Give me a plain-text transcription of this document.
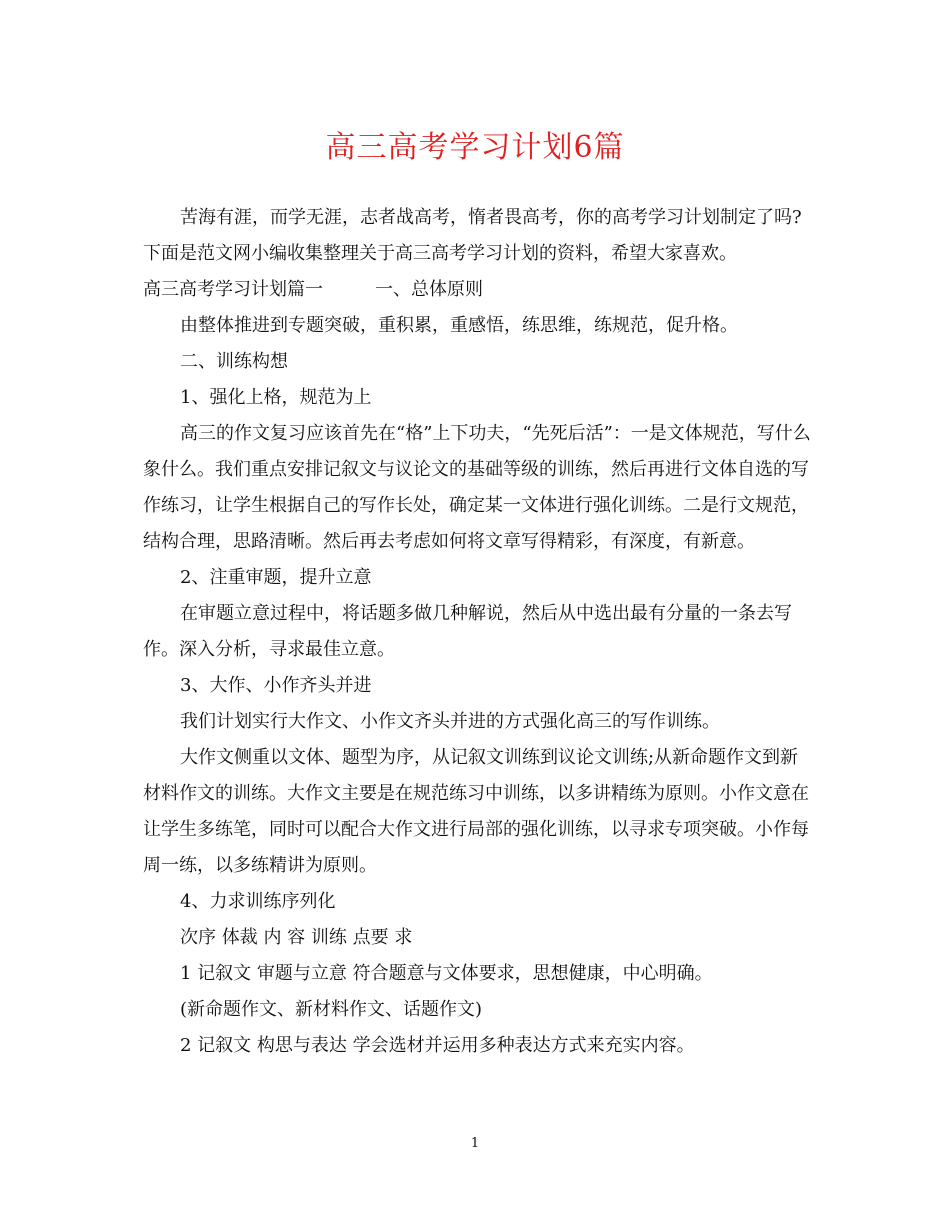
高三高考学习计划6篇

苦海有涯，而学无涯，志者战高考，惰者畏高考，你的高考学习计划制定了吗?下面是范文网小编收集整理关于高三高考学习计划的资料，希望大家喜欢。

高三高考学习计划篇一	一、总体原则

由整体推进到专题突破，重积累，重感悟，练思维，练规范，促升格。

二、训练构想

1、强化上格，规范为上

高三的作文复习应该首先在“格”上下功夫，“先死后活”：一是文体规范，写什么象什么。我们重点安排记叙文与议论文的基础等级的训练，然后再进行文体自选的写作练习，让学生根据自己的写作长处，确定某一文体进行强化训练。二是行文规范，结构合理，思路清晰。然后再去考虑如何将文章写得精彩，有深度，有新意。

2、注重审题，提升立意

在审题立意过程中，将话题多做几种解说，然后从中选出最有分量的一条去写作。深入分析，寻求最佳立意。

3、大作、小作齐头并进

我们计划实行大作文、小作文齐头并进的方式强化高三的写作训练。

大作文侧重以文体、题型为序，从记叙文训练到议论文训练;从新命题作文到新材料作文的训练。大作文主要是在规范练习中训练，以多讲精练为原则。小作文意在让学生多练笔，同时可以配合大作文进行局部的强化训练，以寻求专项突破。小作每周一练，以多练精讲为原则。

4、力求训练序列化

次序 体裁 内 容 训练 点要 求

1 记叙文 审题与立意 符合题意与文体要求，思想健康，中心明确。

(新命题作文、新材料作文、话题作文)

2 记叙文 构思与表达 学会选材并运用多种表达方式来充实内容。

1
